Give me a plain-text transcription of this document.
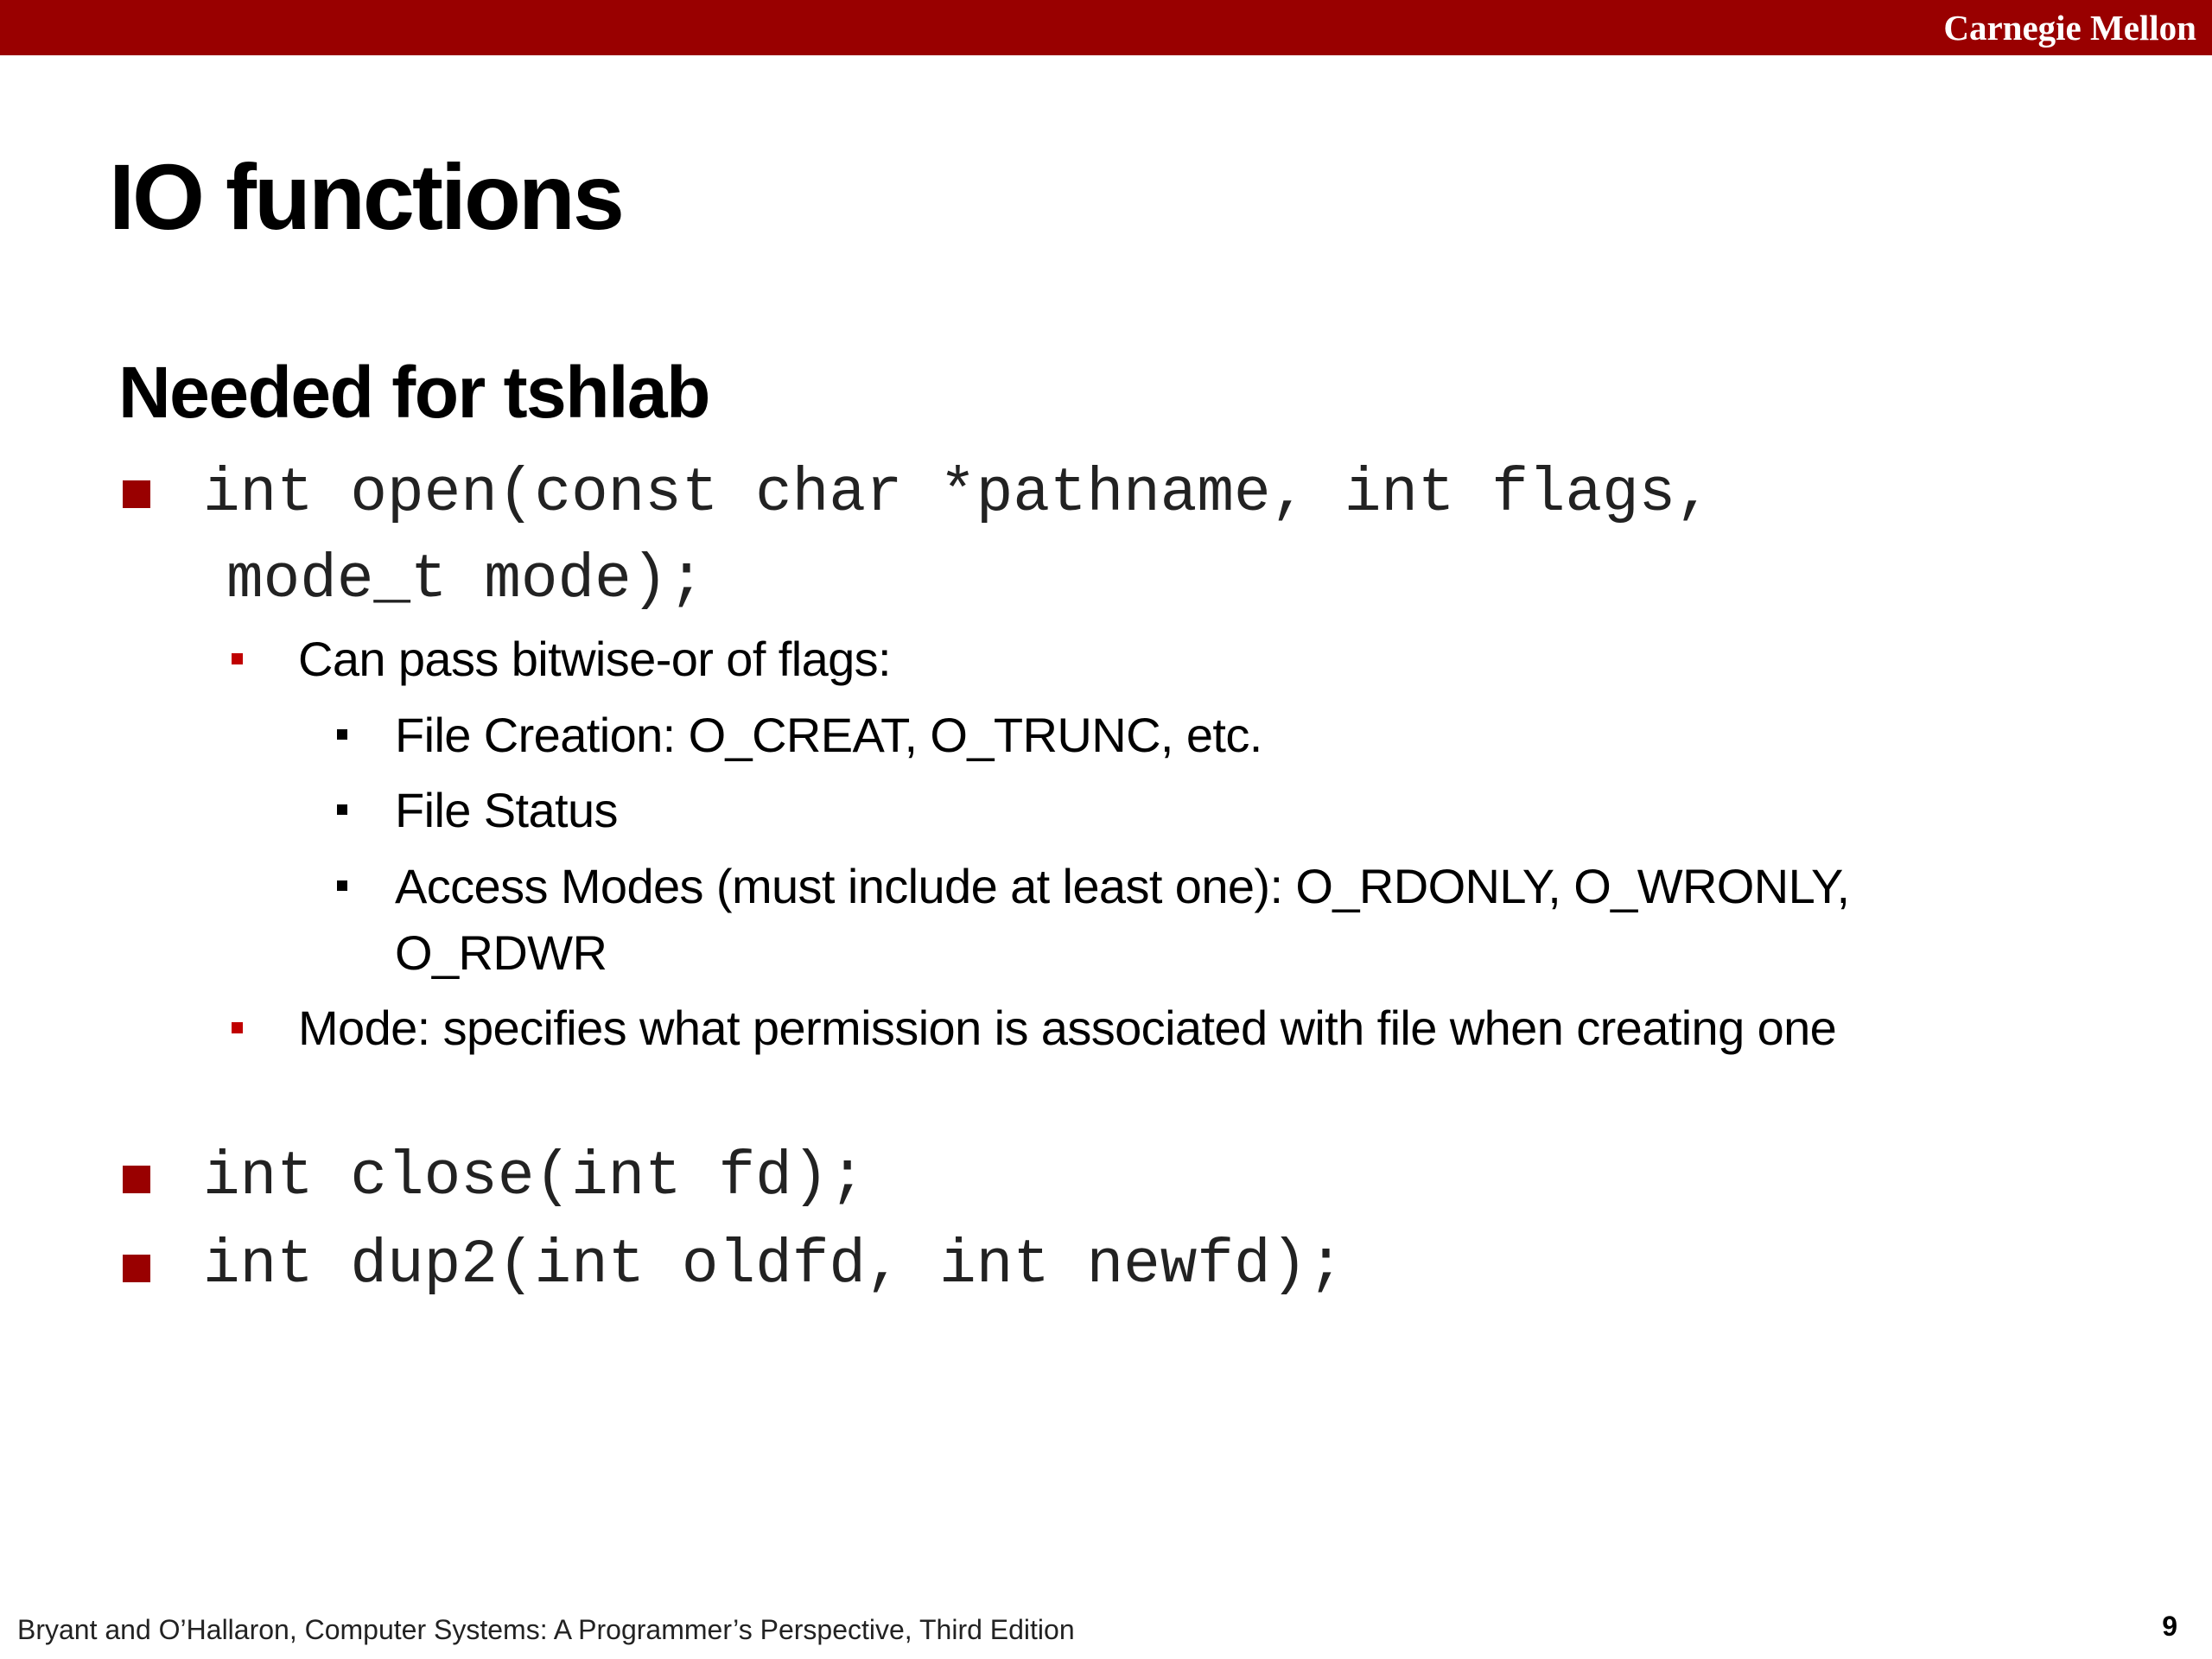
Carnegie Mellon
IO functions
Needed for tshlab
int open(const char *pathname, int flags,
mode_t mode);
Can pass bitwise-or of flags:
File Creation: O_CREAT, O_TRUNC, etc.
File Status
Access Modes (must include at least one): O_RDONLY, O_WRONLY,
O_RDWR
Mode: specifies what permission is associated with file when creating one
int close(int fd);
int dup2(int oldfd, int newfd);
Bryant and O’Hallaron, Computer Systems: A Programmer’s Perspective, Third Edition	9
